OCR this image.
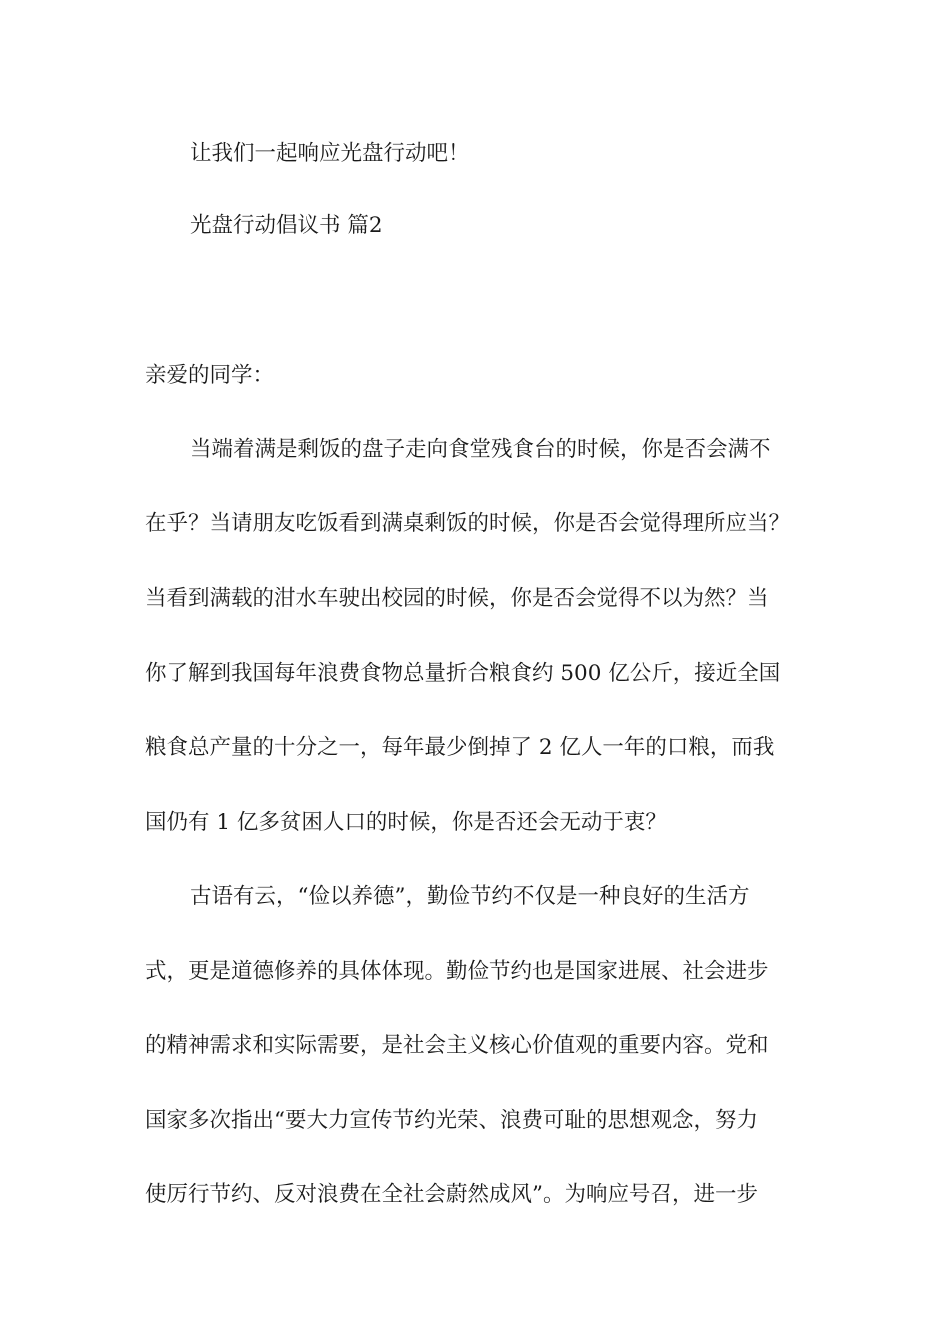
让我们一起响应光盘行动吧！
光盘行动倡议书 篇2
亲爱的同学：
当端着满是剩饭的盘子走向食堂残食台的时候，你是否会满不
在乎？当请朋友吃饭看到满桌剩饭的时候，你是否会觉得理所应当？
当看到满载的泔水车驶出校园的时候，你是否会觉得不以为然？当
你了解到我国每年浪费食物总量折合粮食约 500 亿公斤，接近全国
粮食总产量的十分之一，每年最少倒掉了 2 亿人一年的口粮，而我
国仍有 1 亿多贫困人口的时候，你是否还会无动于衷？
古语有云，“俭以养德”，勤俭节约不仅是一种良好的生活方
式，更是道德修养的具体体现。勤俭节约也是国家进展、社会进步
的精神需求和实际需要，是社会主义核心价值观的重要内容。党和
国家多次指出“要大力宣传节约光荣、浪费可耻的思想观念，努力
使厉行节约、反对浪费在全社会蔚然成风”。为响应号召，进一步
